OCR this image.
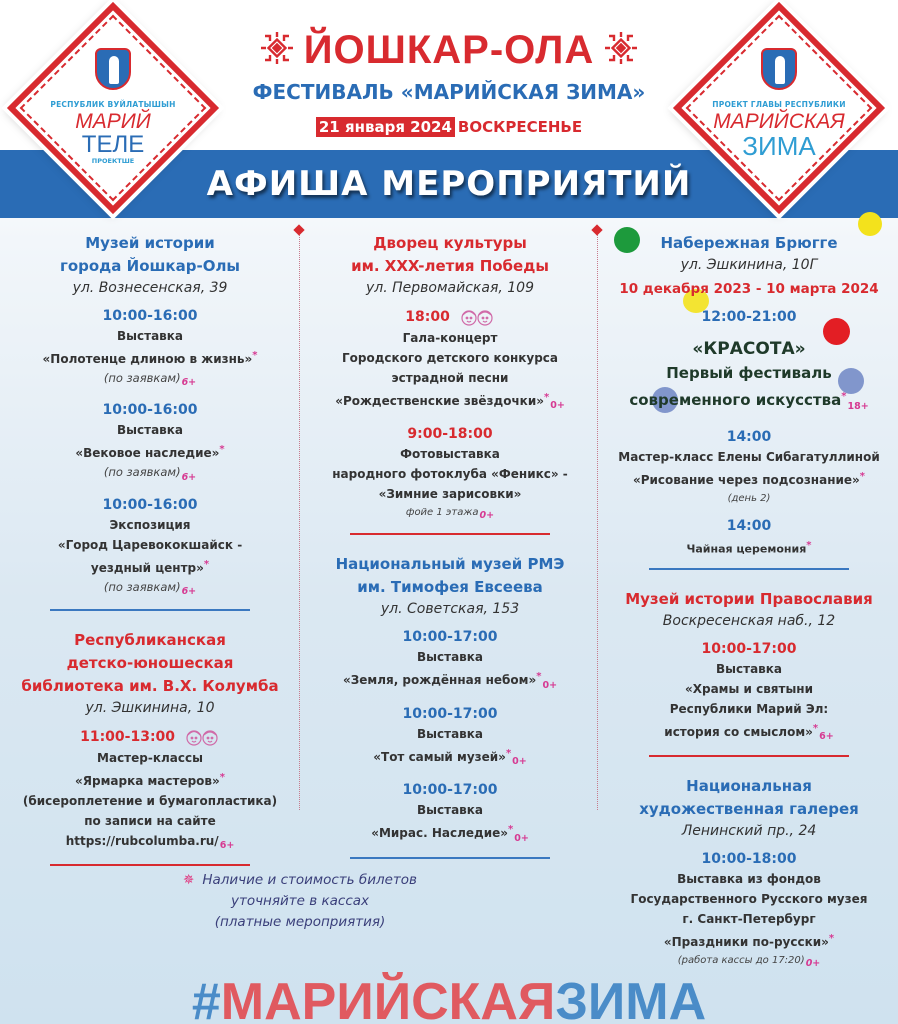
ЙОШКАР-ОЛА
ФЕСТИВАЛЬ «МАРИЙСКАЯ ЗИМА»
21 января 2024 ВОСКРЕСЕНЬЕ
АФИША МЕРОПРИЯТИЙ
РЕСПУБЛИК ВУЙЛАТЫШЫН
МАРИЙ
ТЕЛЕ
ПРОЕКТШЕ
ПРОЕКТ ГЛАВЫ РЕСПУБЛИКИ
МАРИЙСКАЯ
ЗИМА
Музей истории
города Йошкар-Олы
ул. Вознесенская, 39
10:00-16:00
Выставка
«Полотенце длиною в жизнь»*
(по $заявкам)_{6+}$
10:00-16:00
Выставка
«Вековое наследие»*
(по $заявкам)_{6+}$
10:00-16:00
Экспозиция
«Город Царевококшайск -
уездный центр»*
(по $заявкам)_{6+}$
Республиканская
детско-юношеская
библиотека им. В.Х. Колумба
ул. Эшкинина, 10
11:00-13:00
Мастер-классы
«Ярмарка мастеров»*
(бисероплетение и бумагопластика)
по записи на сайте
$https://rubcolumba.ru/_{6+}$
Дворец культуры
им. XXX-летия Победы
ул. Первомайская, 109
18:00
Гала-концерт
Городского детского конкурса
эстрадной песни
«Рождественские $звёздочки»^*_{0+}$
9:00-18:00
Фотовыставка
народного фотоклуба «Феникс» -
«Зимние зарисовки»
фойе 1 этажа0+
Национальный музей РМЭ
им. Тимофея Евсеева
ул. Советская, 153
10:00-17:00
Выставка
«Земля, рождённая $небом»^*_{0+}$
10:00-17:00
Выставка
«Тот самый $музей»^*_{0+}$
10:00-17:00
Выставка
«Мирас. $Наследие»^*_{0+}$
Набережная Брюгге
ул. Эшкинина, 10Г
10 декабря 2023 - 10 марта 2024
12:00-21:00
«КРАСОТА»
Первый фестиваль
современного искусства*$_{18+}$
14:00
Мастер-класс Елены Сибагатуллиной
«Рисование через подсознание»*
(день 2)
14:00
Чайная церемония*
Музей истории Православия
Воскресенская наб., 12
10:00-17:00
Выставка
«Храмы и святыни
Республики Марий Эл:
история со $смыслом»^*_{6+}$
Национальная
художественная галерея
Ленинский пр., 24
10:00-18:00
Выставка из фондов
Государственного Русского музея
г. Санкт-Петербург
«Праздники по-русски»*
(работа кассы до 17:20)0+
✵ Наличие и стоимость билетов
уточняйте в кассах
(платные мероприятия)
#МАРИЙСКАЯЗИМА
